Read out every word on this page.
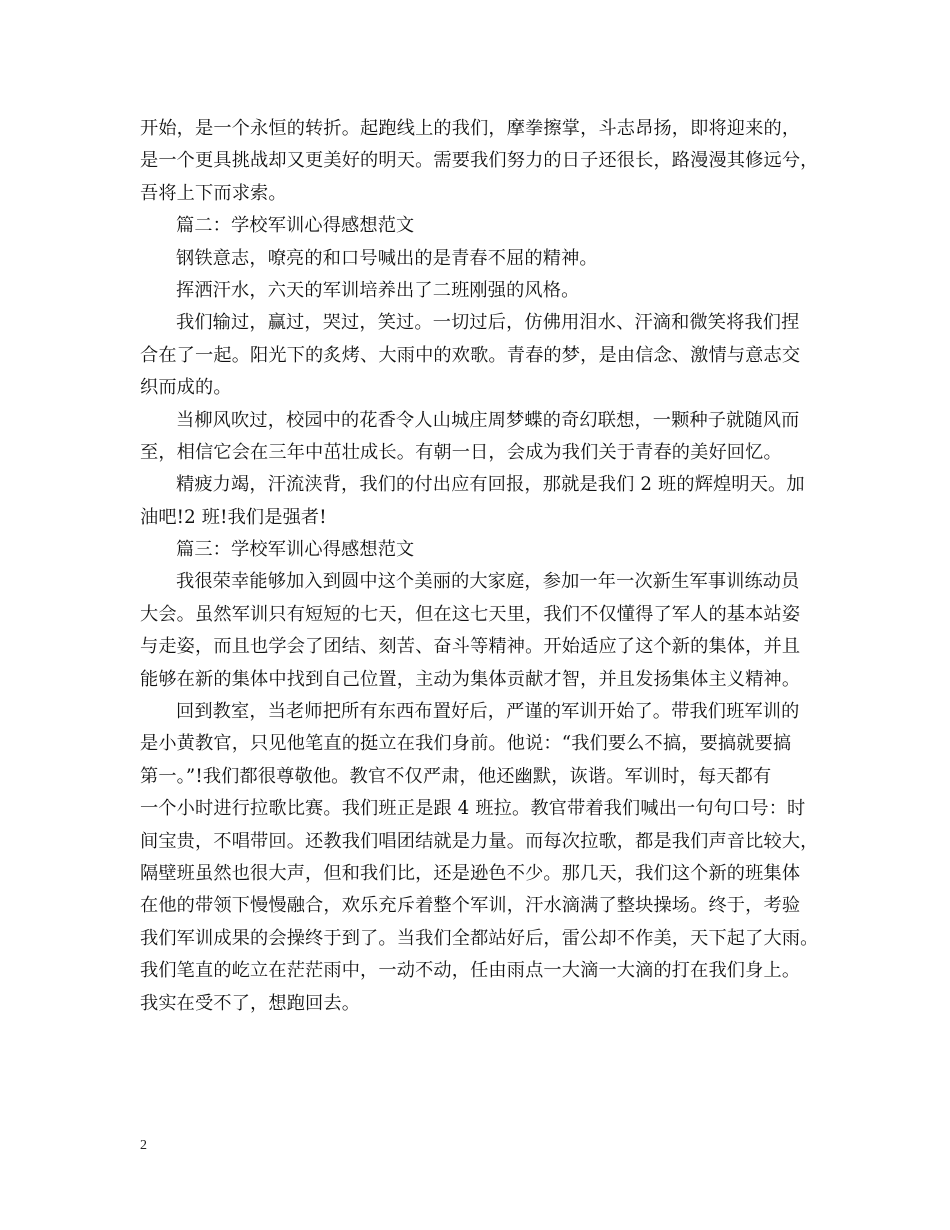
开始，是一个永恒的转折。起跑线上的我们，摩拳擦掌，斗志昂扬，即将迎来的，
是一个更具挑战却又更美好的明天。需要我们努力的日子还很长，路漫漫其修远兮，
吾将上下而求索。
篇二：学校军训心得感想范文
钢铁意志，嘹亮的和口号喊出的是青春不屈的精神。
挥洒汗水，六天的军训培养出了二班刚强的风格。
我们输过，赢过，哭过，笑过。一切过后，仿佛用泪水、汗滴和微笑将我们捏
合在了一起。阳光下的炙烤、大雨中的欢歌。青春的梦，是由信念、激情与意志交
织而成的。
当柳风吹过，校园中的花香令人山城庄周梦蝶的奇幻联想，一颗种子就随风而
至，相信它会在三年中茁壮成长。有朝一日，会成为我们关于青春的美好回忆。
精疲力竭，汗流浃背，我们的付出应有回报，那就是我们 2 班的辉煌明天。加
油吧!2 班!我们是强者!
篇三：学校军训心得感想范文
我很荣幸能够加入到圆中这个美丽的大家庭，参加一年一次新生军事训练动员
大会。虽然军训只有短短的七天，但在这七天里，我们不仅懂得了军人的基本站姿
与走姿，而且也学会了团结、刻苦、奋斗等精神。开始适应了这个新的集体，并且
能够在新的集体中找到自己位置，主动为集体贡献才智，并且发扬集体主义精神。
回到教室，当老师把所有东西布置好后，严谨的军训开始了。带我们班军训的
是小黄教官，只见他笔直的挺立在我们身前。他说：“我们要么不搞，要搞就要搞
第一。”!我们都很尊敬他。教官不仅严肃，他还幽默，诙谐。军训时，每天都有
一个小时进行拉歌比赛。我们班正是跟 4 班拉。教官带着我们喊出一句句口号：时
间宝贵，不唱带回。还教我们唱团结就是力量。而每次拉歌，都是我们声音比较大，
隔壁班虽然也很大声，但和我们比，还是逊色不少。那几天，我们这个新的班集体
在他的带领下慢慢融合，欢乐充斥着整个军训，汗水滴满了整块操场。终于，考验
我们军训成果的会操终于到了。当我们全都站好后，雷公却不作美，天下起了大雨。
我们笔直的屹立在茫茫雨中，一动不动，任由雨点一大滴一大滴的打在我们身上。
我实在受不了，想跑回去。
2
